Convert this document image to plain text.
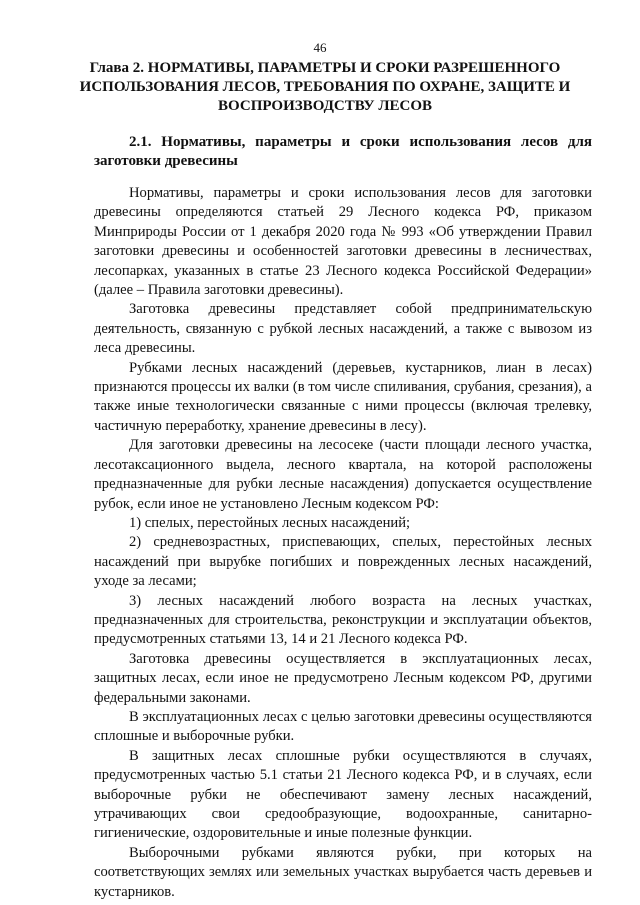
46
Глава 2. НОРМАТИВЫ, ПАРАМЕТРЫ И СРОКИ РАЗРЕШЕННОГО ИСПОЛЬЗОВАНИЯ ЛЕСОВ, ТРЕБОВАНИЯ ПО ОХРАНЕ, ЗАЩИТЕ И ВОСПРОИЗВОДСТВУ ЛЕСОВ
2.1. Нормативы, параметры и сроки использования лесов для заготовки древесины

Нормативы, параметры и сроки использования лесов для заготовки древесины определяются статьей 29 Лесного кодекса РФ, приказом Минприроды России от 1 декабря 2020 года № 993 «Об утверждении Правил заготовки древесины и особенностей заготовки древесины в лесничествах, лесопарках, указанных в статье 23 Лесного кодекса Российской Федерации» (далее – Правила заготовки древесины).

Заготовка древесины представляет собой предпринимательскую деятельность, связанную с рубкой лесных насаждений, а также с вывозом из леса древесины.

Рубками лесных насаждений (деревьев, кустарников, лиан в лесах) признаются процессы их валки (в том числе спиливания, срубания, срезания), а также иные технологически связанные с ними процессы (включая трелевку, частичную переработку, хранение древесины в лесу).

Для заготовки древесины на лесосеке (части площади лесного участка, лесотаксационного выдела, лесного квартала, на которой расположены предназначенные для рубки лесные насаждения) допускается осуществление рубок, если иное не установлено Лесным кодексом РФ:

1) спелых, перестойных лесных насаждений;

2) средневозрастных, приспевающих, спелых, перестойных лесных насаждений при вырубке погибших и поврежденных лесных насаждений, уходе за лесами;

3) лесных насаждений любого возраста на лесных участках, предназначенных для строительства, реконструкции и эксплуатации объектов, предусмотренных статьями 13, 14 и 21 Лесного кодекса РФ.

Заготовка древесины осуществляется в эксплуатационных лесах, защитных лесах, если иное не предусмотрено Лесным кодексом РФ, другими федеральными законами.

В эксплуатационных лесах с целью заготовки древесины осуществляются сплошные и выборочные рубки.

В защитных лесах сплошные рубки осуществляются в случаях, предусмотренных частью 5.1 статьи 21 Лесного кодекса РФ, и в случаях, если выборочные рубки не обеспечивают замену лесных насаждений, утрачивающих свои средообразующие, водоохранные, санитарно-гигиенические, оздоровительные и иные полезные функции.

Выборочными рубками являются рубки, при которых на соответствующих землях или земельных участках вырубается часть деревьев и кустарников.
